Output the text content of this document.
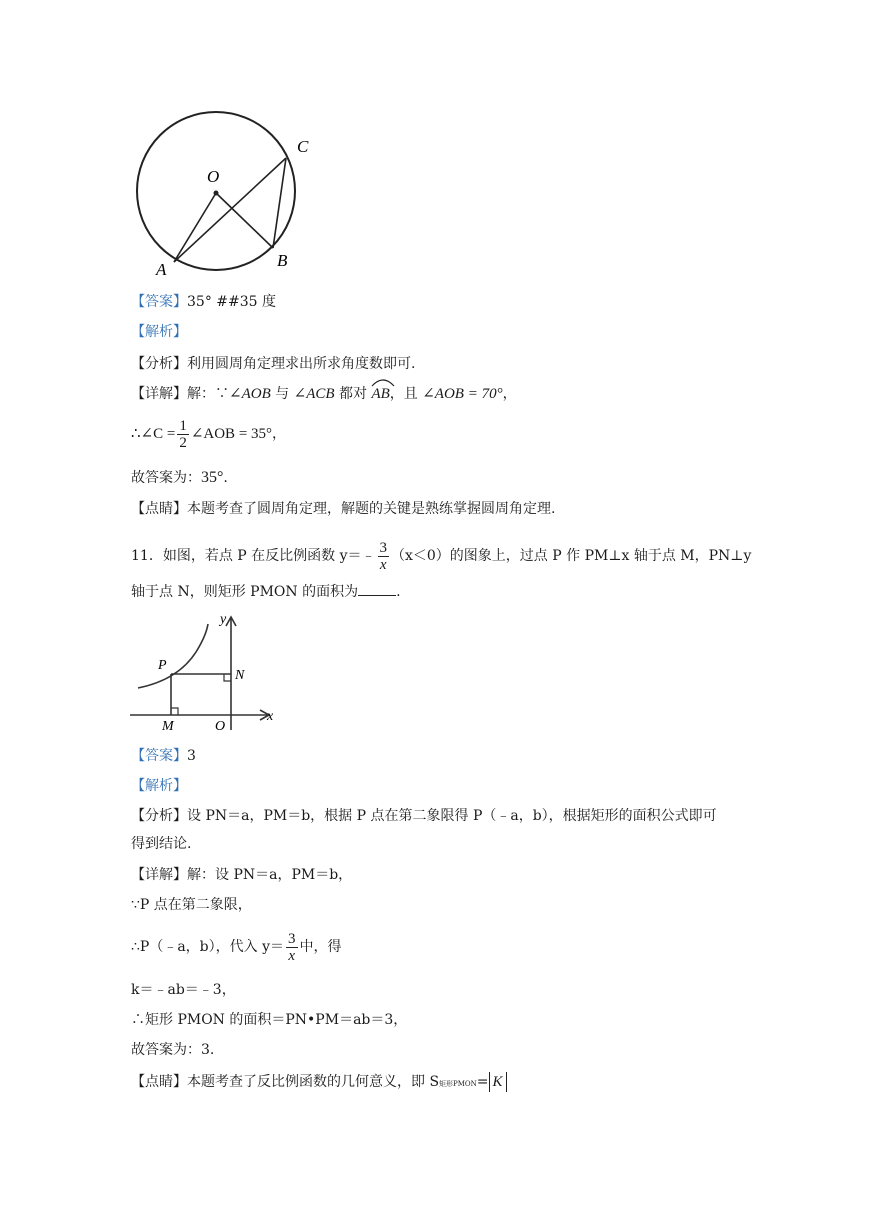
O
A	B
C
【答案】35° ##35 度
【解析】
【分析】利用圆周角定理求出所求角度数即可.
【详解】解：∵∠AOB 与 ∠ACB 都对
AB，且 ∠AOB = 70°，
∴∠C = $\frac{1}{2}$ ∠AOB = 35°，
故答案为：35°.
【点睛】本题考查了圆周角定理，解题的关键是熟练掌握圆周角定理.
11．如图，若点 P 在反比例函数 y＝﹣ $\frac{3}{x} (x<0)$的图象上，过点 P 作 PM⊥x 轴于点 M，PN⊥y
轴于点 N，则矩形 PMON 的面积为	.
y
x
P
N
M	O
【答案】3
【解析】
【分析】设 PN＝a，PM＝b，根据 P 点在第二象限得 P（﹣a，b），根据矩形的面积公式即可
得到结论.
【详解】解：设 PN＝a，PM＝b，
∵P 点在第二象限，
∴P（﹣a，b），代入 $y= \frac{3}{x}$ 中，得
k＝﹣ab＝﹣3，
∴矩形 PMON 的面积＝PN•PM＝ab＝3，
故答案为：3.
【点睛】本题考查了反比例函数的几何意义，即 S矩形PMON= K
